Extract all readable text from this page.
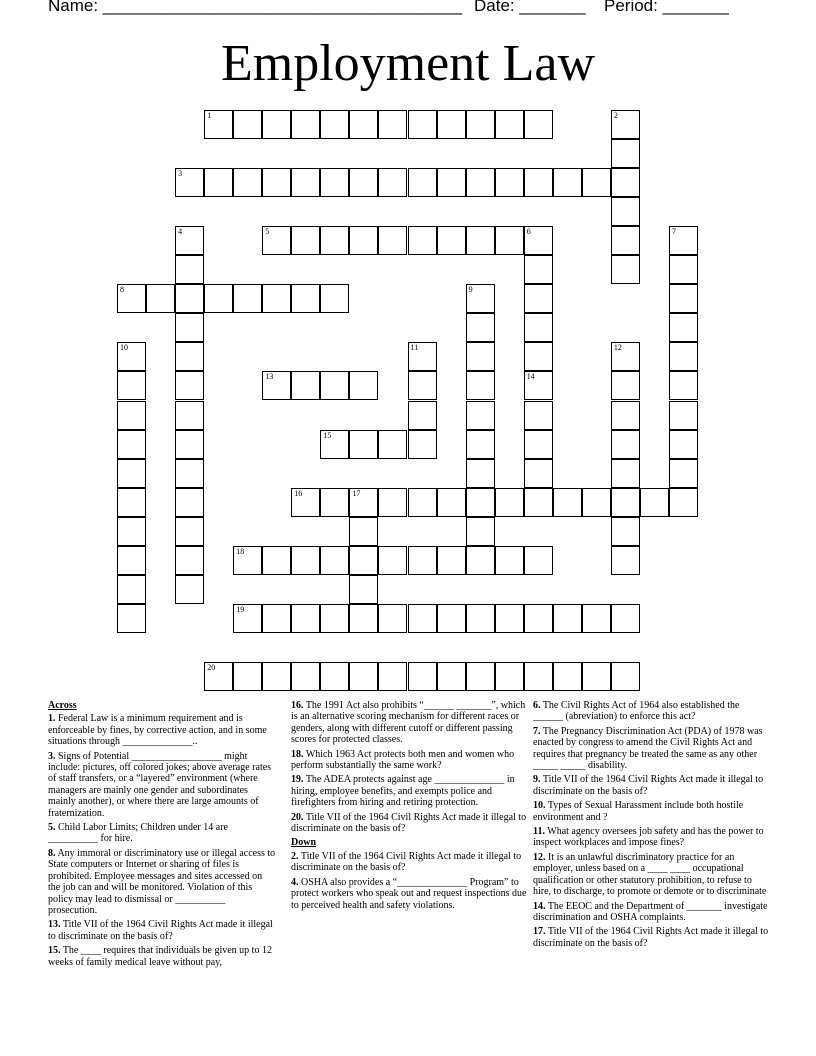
Name: ______________________________________ Date: _______ Period: _______
Employment Law
1	2
3
4	5	6	7
8	9
10	11	12
13	14
15
16	17
18
19
20

Across

1. Federal Law is a minimum requirement and is enforceable by fines, by corrective action, and in some situations through ______________..

3. Signs of Potential __________________ might include: pictures, off colored jokes; above average rates of staff transfers, or a “layered” environment (where managers are mainly one gender and subordinates mainly another), or where there are large amounts of fraternization.

5. Child Labor Limits; Children under 14 are __________ for hire.

8. Any immoral or discriminatory use or illegal access to State computers or Internet or sharing of files is prohibited. Employee messages and sites accessed on the job can and will be monitored. Violation of this policy may lead to dismissal or __________ prosecution.

13. Title VII of the 1964 Civil Rights Act made it illegal to discriminate on the basis of?

15. The ____ requires that individuals be given up to 12 weeks of family medical leave without pay,

16. The 1991 Act also prohibits “______ _______”, which is an alternative scoring mechanism for different races or genders, along with different cutoff or different passing scores for protected classes.

18. Which 1963 Act protects both men and women who perform substantially the same work?

19. The ADEA protects against age ______________ in hiring, employee benefits, and exempts police and firefighters from hiring and retiring protection.

20. Title VII of the 1964 Civil Rights Act made it illegal to discriminate on the basis of?

Down

2. Title VII of the 1964 Civil Rights Act made it illegal to discriminate on the basis of?

4. OSHA also provides a “______________ Program” to protect workers who speak out and request inspections due to perceived health and safety violations.

6. The Civil Rights Act of 1964 also established the ______ (abreviation) to enforce this act?

7. The Pregnancy Discrimination Act (PDA) of 1978 was enacted by congress to amend the Civil Rights Act and requires that pregnancy be treated the same as any other _____ _____ disability.

9. Title VII of the 1964 Civil Rights Act made it illegal to discriminate on the basis of?

10. Types of Sexual Harassment include both hostile environment and ?

11. What agency oversees job safety and has the power to inspect workplaces and impose fines?

12. It is an unlawful discriminatory practice for an employer, unless based on a ____ ____ occupational qualification or other statutory prohibition, to refuse to hire, to discharge, to promote or demote or to discriminate

14. The EEOC and the Department of _______ investigate discrimination and OSHA complaints.

17. Title VII of the 1964 Civil Rights Act made it illegal to discriminate on the basis of?
